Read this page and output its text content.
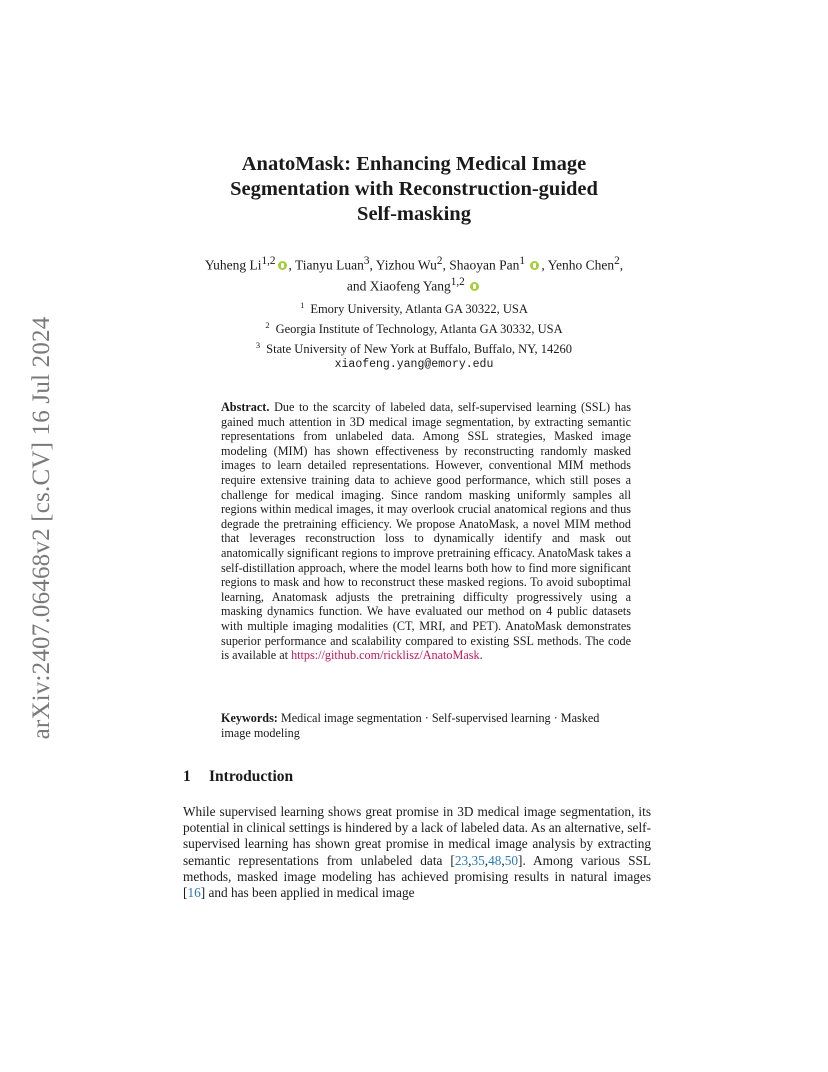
arXiv:2407.06468v2 [cs.CV] 16 Jul 2024
AnatoMask: Enhancing Medical Image
Segmentation with Reconstruction-guided
Self-masking
Yuheng Li$^{1,2}$ , Tianyu Luan$^3$, Yizhou Wu$^2$, Shaoyan Pan$^1$ , Yenho Chen$^2$,
and Xiaofeng Yang$^{1,2}$
$^1$ Emory University, Atlanta GA 30322, USA
$^2$ Georgia Institute of Technology, Atlanta GA 30332, USA
$^3$ State University of New York at Buffalo, Buffalo, NY, 14260
xiaofeng.yang@emory.edu
Abstract. Due to the scarcity of labeled data, self-supervised learning (SSL) has gained much attention in 3D medical image segmentation, by extracting semantic representations from unlabeled data. Among SSL strategies, Masked image modeling (MIM) has shown effectiveness by reconstructing randomly masked images to learn detailed representations. However, conventional MIM methods require extensive training data to achieve good performance, which still poses a challenge for medical imaging. Since random masking uniformly samples all regions within medical images, it may overlook crucial anatomical regions and thus degrade the pretraining efficiency. We propose AnatoMask, a novel MIM method that leverages reconstruction loss to dynamically identify and mask out anatomically significant regions to improve pretraining efficacy. AnatoMask takes a self-distillation approach, where the model learns both how to find more significant regions to mask and how to reconstruct these masked regions. To avoid suboptimal learning, Anatomask adjusts the pretraining difficulty progressively using a masking dynamics function. We have evaluated our method on 4 public datasets with multiple imaging modalities (CT, MRI, and PET). AnatoMask demonstrates superior performance and scalability compared to existing SSL methods. The code is available at https://github.com/ricklisz/AnatoMask.
Keywords: Medical image segmentation · Self-supervised learning · Masked image modeling
1 Introduction
While supervised learning shows great promise in 3D medical image segmentation, its potential in clinical settings is hindered by a lack of labeled data. As an alternative, self-supervised learning has shown great promise in medical image analysis by extracting semantic representations from unlabeled data [23,35,48,50]. Among various SSL methods, masked image modeling has achieved promising results in natural images [16] and has been applied in medical image
